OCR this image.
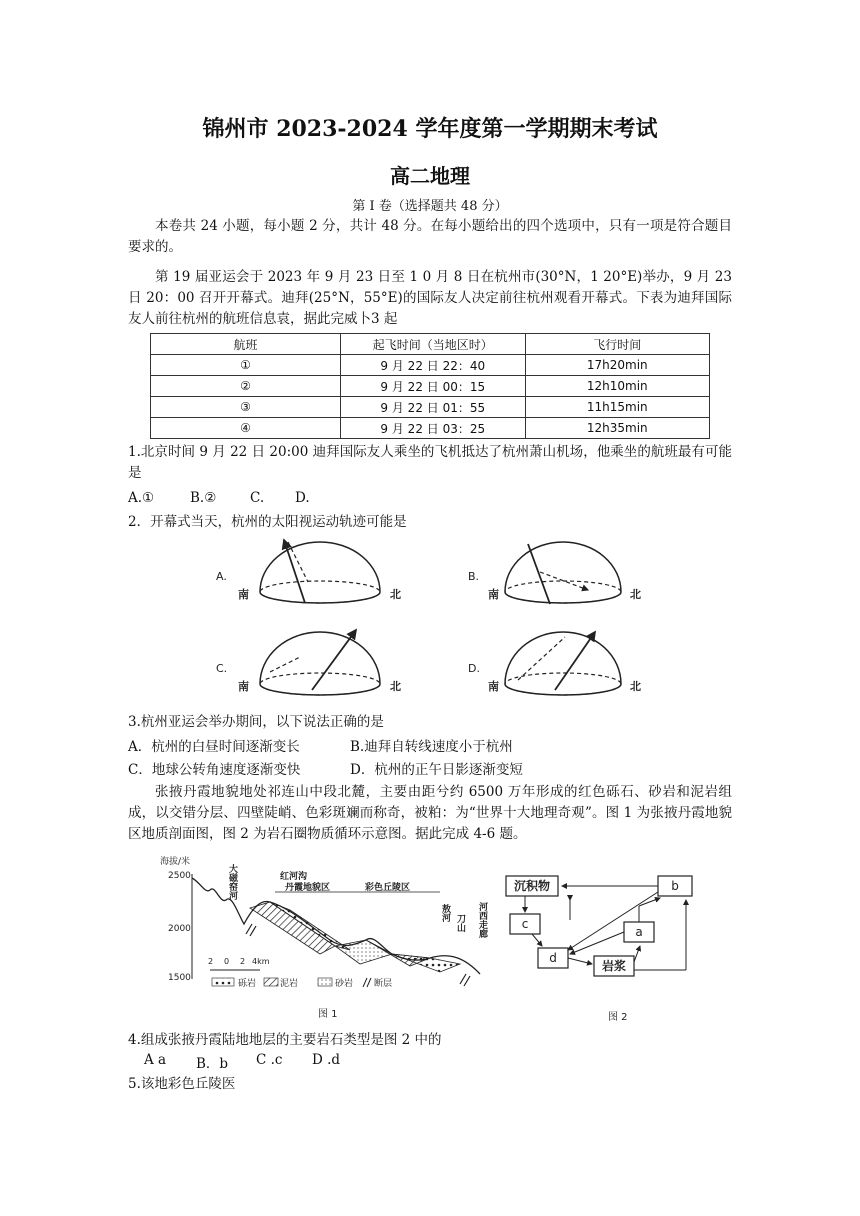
锦州市 2023-2024 学年度第一学期期末考试
高二地理
第 I 卷（选择题共 48 分）
本卷共 24 小题，每小题 2 分，共计 48 分。在每小题给出的四个选项中，只有一项是符合题目要求的。
第 19 届亚运会于 2023 年 9 月 23 日至 1 0 月 8 日在杭州市(30°N，1 20°E)举办，9 月 23 日 20：00 召开开幕式。迪拜(25°N，55°E)的国际友人决定前往杭州观看开幕式。下表为迪拜国际友人前往杭州的航班信息袁，据此完威卜3 起
航班	起飞时间（当地区时）	飞行时间
①	9 月 22 日 22：40	17h20min
②	9 月 22 日 00：15	12h10min
③	9 月 22 日 01：55	11h15min
④	9 月 22 日 03：25	12h35min
1.北京时间 9 月 22 日 20:00 迪拜国际友人乘坐的飞机抵达了杭州萧山机场，他乘坐的航班最有可能是
A.①	B.② C. D.
2．开幕式当天，杭州的太阳视运动轨迹可能是
A.
南	北
B.
南	北
C.
南	北
D.
南	北
3.杭州亚运会举办期间，以下说法正确的是
A．杭州的白昼时间逐渐变长	B.迪拜自转线速度小于杭州
C．地球公转角速度逐渐变快	D．杭州的正午日影逐渐变短
张掖丹霞地貌地处祁连山中段北麓，主要由距兮约 6500 万年形成的红色砾石、砂岩和泥岩组成，以交错分层、四壁陡峭、色彩斑斓而称奇，被粕：为“世界十大地理奇观”。图 1 为张掖丹霞地貌区地质剖面图，图 2 为岩石圈物质循环示意图。据此完成 4-6 题。
海拔/米
2500
2000
1500
大磁窑河	红河沟
丹霞地貌区	彩色丘陵区
敖河
刀山 河西走廊
2 0 2 4km
砾岩	泥岩	砂岩 断层
图 1
沉积物	b
c
a
d
岩浆
图 2
4.组成张掖丹霞陆地地层的主要岩石类型是图 2 中的
A a B．b C .c D .d
5.该地彩色丘陵医
